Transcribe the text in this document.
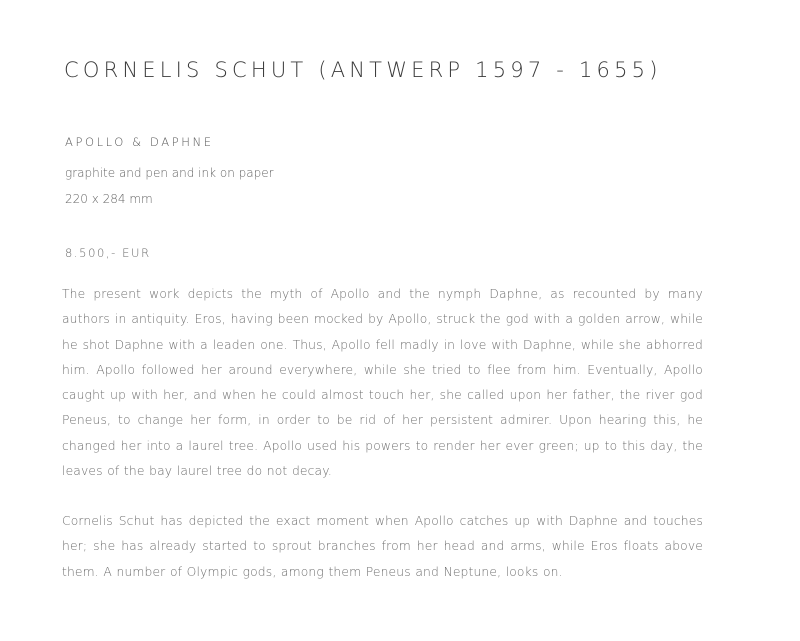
CORNELIS SCHUT (ANTWERP 1597 - 1655)
APOLLO & DAPHNE
graphite and pen and ink on paper
220 x 284 mm
8.500,- EUR

The present work depicts the myth of Apollo and the nymph Daphne, as recounted by many authors in antiquity. Eros, having been mocked by Apollo, struck the god with a golden arrow, while he shot Daphne with a leaden one. Thus, Apollo fell madly in love with Daphne, while she abhorred him. Apollo followed her around everywhere, while she tried to flee from him. Eventually, Apollo caught up with her, and when he could almost touch her, she called upon her father, the river god Peneus, to change her form, in order to be rid of her persistent admirer. Upon hearing this, he changed her into a laurel tree. Apollo used his powers to render her ever green; up to this day, the leaves of the bay laurel tree do not decay.

Cornelis Schut has depicted the exact moment when Apollo catches up with Daphne and touches her; she has already started to sprout branches from her head and arms, while Eros floats above them. A number of Olympic gods, among them Peneus and Neptune, looks on.
